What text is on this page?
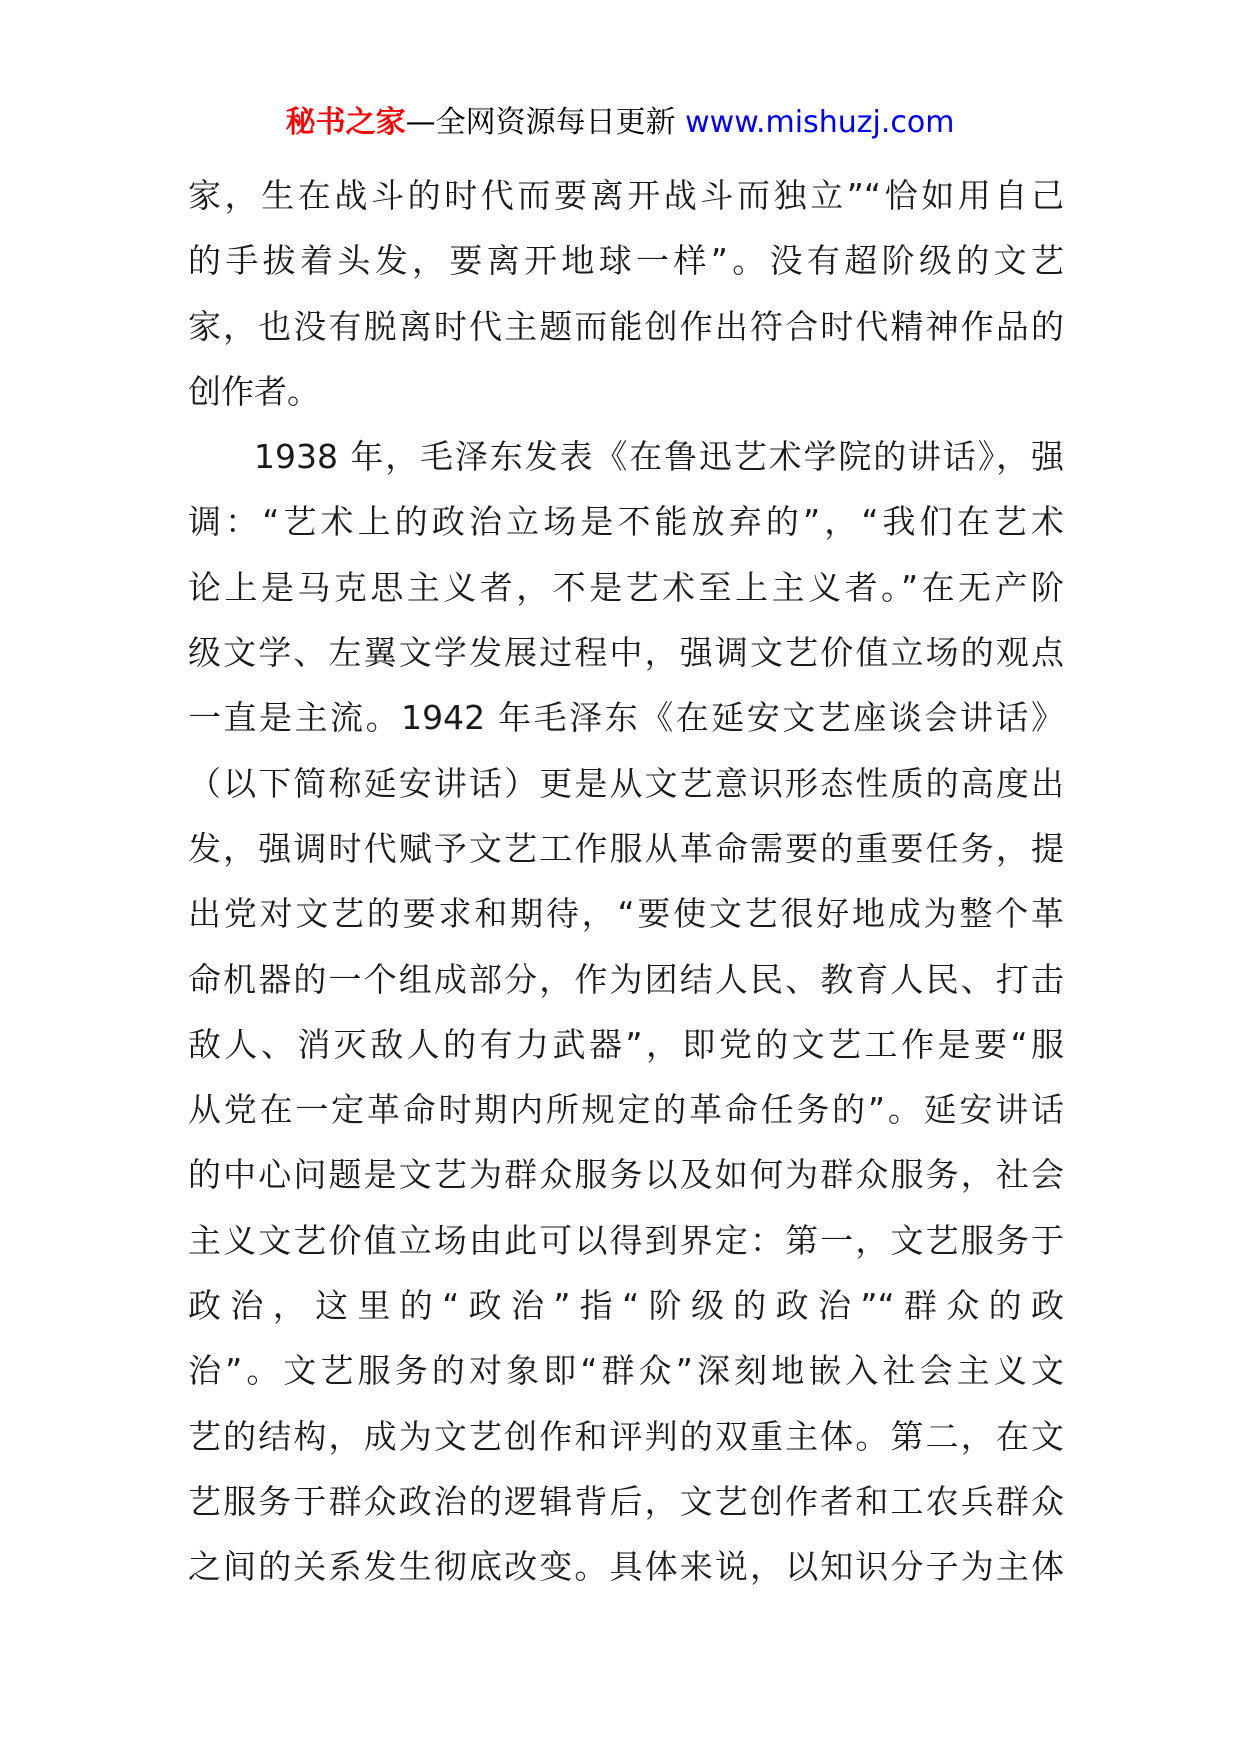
秘书之家—全网资源每日更新 www.mishuzj.com
家，生在战斗的时代而要离开战斗而独立”“恰如用自己
的手拔着头发，要离开地球一样”。没有超阶级的文艺
家，也没有脱离时代主题而能创作出符合时代精神作品的
创作者。
1938 年，毛泽东发表《在鲁迅艺术学院的讲话》，强
调：“艺术上的政治立场是不能放弃的”，“我们在艺术
论上是马克思主义者，不是艺术至上主义者。”在无产阶
级文学、左翼文学发展过程中，强调文艺价值立场的观点
一直是主流。1942 年毛泽东《在延安文艺座谈会讲话》
（以下简称延安讲话）更是从文艺意识形态性质的高度出
发，强调时代赋予文艺工作服从革命需要的重要任务，提
出党对文艺的要求和期待，“要使文艺很好地成为整个革
命机器的一个组成部分，作为团结人民、教育人民、打击
敌人、消灭敌人的有力武器”，即党的文艺工作是要“服
从党在一定革命时期内所规定的革命任务的”。延安讲话
的中心问题是文艺为群众服务以及如何为群众服务，社会
主义文艺价值立场由此可以得到界定：第一，文艺服务于
政治，这里的“政治”指“阶级的政治”“群众的政
治”。文艺服务的对象即“群众”深刻地嵌入社会主义文
艺的结构，成为文艺创作和评判的双重主体。第二，在文
艺服务于群众政治的逻辑背后，文艺创作者和工农兵群众
之间的关系发生彻底改变。具体来说，以知识分子为主体
